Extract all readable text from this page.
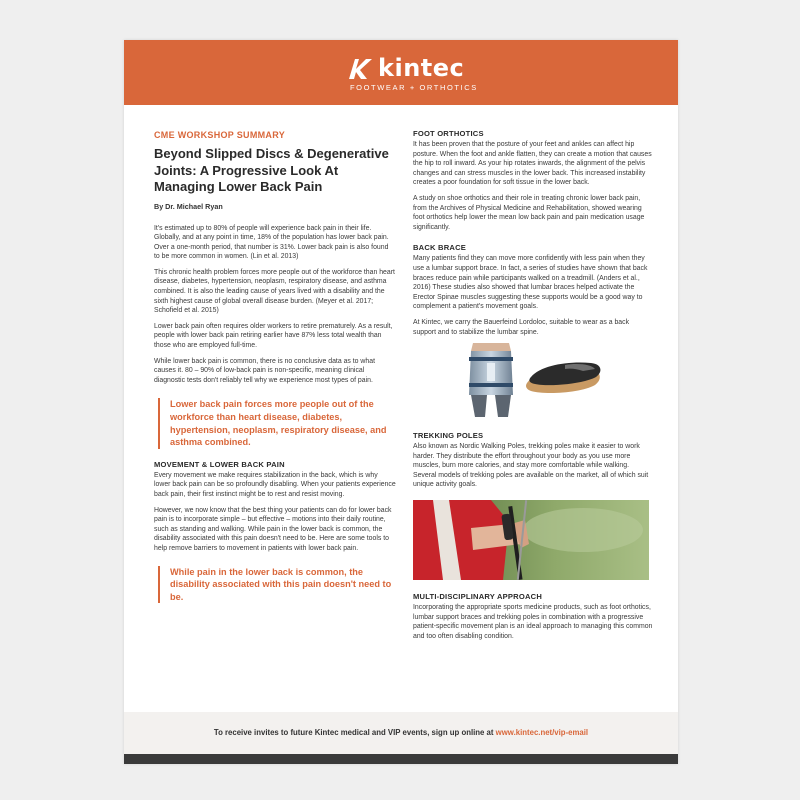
kintec
FOOTWEAR + ORTHOTICS
CME WORKSHOP SUMMARY
Beyond Slipped Discs & Degenerative Joints: A Progressive Look At Managing Lower Back Pain
By Dr. Michael Ryan

It's estimated up to 80% of people will experience back pain in their life. Globally, and at any point in time, 18% of the population has lower back pain. Over a one-month period, that number is 31%. Lower back pain is also found to be more common in women. (Lin et al. 2013)

This chronic health problem forces more people out of the workforce than heart disease, diabetes, hypertension, neoplasm, respiratory disease, and asthma combined. It is also the leading cause of years lived with a disability and the sixth highest cause of global overall disease burden. (Meyer et al. 2017; Schofield et al. 2015)

Lower back pain often requires older workers to retire prematurely. As a result, people with lower back pain retiring earlier have 87% less total wealth than those who are employed full-time.

While lower back pain is common, there is no conclusive data as to what causes it. 80 – 90% of low-back pain is non-specific, meaning clinical diagnostic tests don't reliably tell why we experience most types of pain.

Lower back pain forces more people out of the workforce than heart disease, diabetes, hypertension, neoplasm, respiratory disease, and asthma combined.
MOVEMENT & LOWER BACK PAIN

Every movement we make requires stabilization in the back, which is why lower back pain can be so profoundly disabling. When your patients experience back pain, their first instinct might be to rest and resist moving.

However, we now know that the best thing your patients can do for lower back pain is to incorporate simple – but effective – motions into their daily routine, such as standing and walking. While pain in the lower back is common, the disability associated with this pain doesn't need to be. Here are some tools to help remove barriers to movement in patients with lower back pain.

While pain in the lower back is common, the disability associated with this pain doesn't need to be.
FOOT ORTHOTICS

It has been proven that the posture of your feet and ankles can affect hip posture. When the foot and ankle flatten, they can create a motion that causes the hip to roll inward. As your hip rotates inwards, the alignment of the pelvis changes and can stress muscles in the lower back. This increased instability creates a poor foundation for soft tissue in the lower back.

A study on shoe orthotics and their role in treating chronic lower back pain, from the Archives of Physical Medicine and Rehabilitation, showed wearing foot orthotics help lower the mean low back pain and pain medication usage significantly.

BACK BRACE

Many patients find they can move more confidently with less pain when they use a lumbar support brace. In fact, a series of studies have shown that back braces reduce pain while participants walked on a treadmill. (Anders et al., 2016) These studies also showed that lumbar braces helped activate the Erector Spinae muscles suggesting these supports would be a good way to complement a patient's movement goals.

At Kintec, we carry the Bauerfeind Lordoloc, suitable to wear as a back support and to stabilize the lumbar spine.

TREKKING POLES

Also known as Nordic Walking Poles, trekking poles make it easier to work harder. They distribute the effort throughout your body as you use more muscles, burn more calories, and stay more comfortable while walking. Several models of trekking poles are available on the market, all of which suit unique activity goals.

MULTI-DISCIPLINARY APPROACH

Incorporating the appropriate sports medicine products, such as foot orthotics, lumbar support braces and trekking poles in combination with a progressive patient-specific movement plan is an ideal approach to managing this common and too often disabling condition.

To receive invites to future Kintec medical and VIP events, sign up online at www.kintec.net/vip-email
